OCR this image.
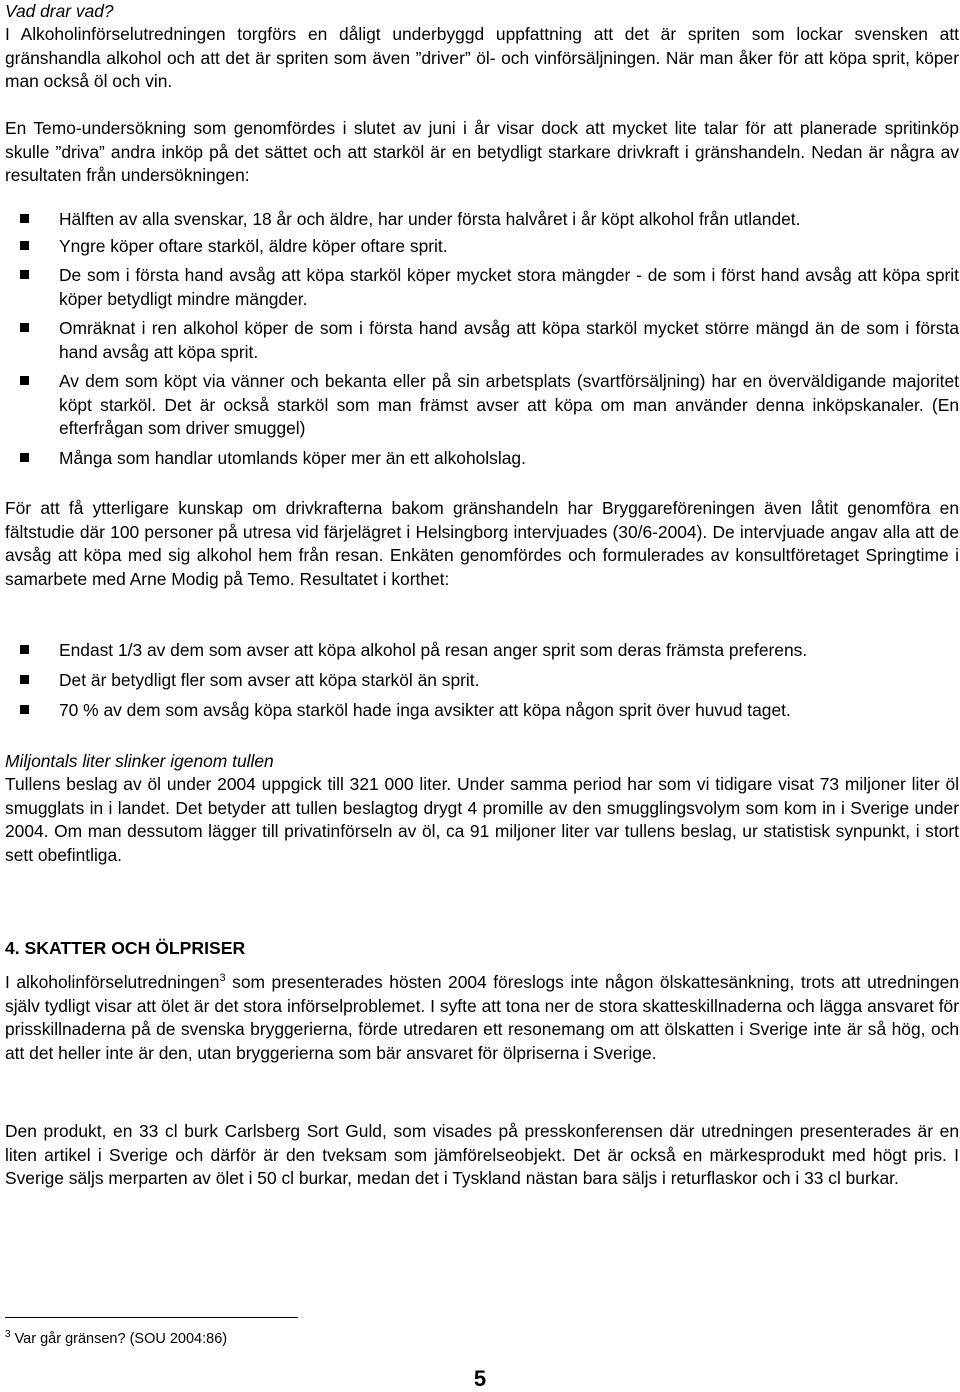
Vad drar vad?
I Alkoholinförselutredningen torgförs en dåligt underbyggd uppfattning att det är spriten som lockar svensken att gränshandla alkohol och att det är spriten som även ”driver” öl- och vinförsäljningen. När man åker för att köpa sprit, köper man också öl och vin.
En Temo-undersökning som genomfördes i slutet av juni i år visar dock att mycket lite talar för att planerade spritinköp skulle ”driva” andra inköp på det sättet och att starköl är en betydligt starkare drivkraft i gränshandeln. Nedan är några av resultaten från undersökningen:
Hälften av alla svenskar, 18 år och äldre, har under första halvåret i år köpt alkohol från utlandet.
Yngre köper oftare starköl, äldre köper oftare sprit.
De som i första hand avsåg att köpa starköl köper mycket stora mängder - de som i först hand avsåg att köpa sprit köper betydligt mindre mängder.
Omräknat i ren alkohol köper de som i första hand avsåg att köpa starköl mycket större mängd än de som i första hand avsåg att köpa sprit.
Av dem som köpt via vänner och bekanta eller på sin arbetsplats (svartförsäljning) har en överväldigande majoritet köpt starköl. Det är också starköl som man främst avser att köpa om man använder denna inköpskanaler. (En efterfrågan som driver smuggel)
Många som handlar utomlands köper mer än ett alkoholslag.
För att få ytterligare kunskap om drivkrafterna bakom gränshandeln har Bryggareföreningen även låtit genomföra en fältstudie där 100 personer på utresa vid färjelägret i Helsingborg intervjuades (30/6-2004). De intervjuade angav alla att de avsåg att köpa med sig alkohol hem från resan. Enkäten genomfördes och formulerades av konsultföretaget Springtime i samarbete med Arne Modig på Temo. Resultatet i korthet:
Endast 1/3 av dem som avser att köpa alkohol på resan anger sprit som deras främsta preferens.
Det är betydligt fler som avser att köpa starköl än sprit.
70 % av dem som avsåg köpa starköl hade inga avsikter att köpa någon sprit över huvud taget.
Miljontals liter slinker igenom tullen
Tullens beslag av öl under 2004 uppgick till 321 000 liter. Under samma period har som vi tidigare visat 73 miljoner liter öl smugglats in i landet. Det betyder att tullen beslagtog drygt 4 promille av den smugglingsvolym som kom in i Sverige under 2004. Om man dessutom lägger till privatinförseln av öl, ca 91 miljoner liter var tullens beslag, ur statistisk synpunkt, i stort sett obefintliga.
4. SKATTER OCH ÖLPRISER
I alkoholinförselutredningen$^3$ som presenterades hösten 2004 föreslogs inte någon ölskattesänkning, trots att utredningen själv tydligt visar att ölet är det stora införselproblemet. I syfte att tona ner de stora skatteskillnaderna och lägga ansvaret för prisskillnaderna på de svenska bryggerierna, förde utredaren ett resonemang om att ölskatten i Sverige inte är så hög, och att det heller inte är den, utan bryggerierna som bär ansvaret för ölpriserna i Sverige.
Den produkt, en 33 cl burk Carlsberg Sort Guld, som visades på presskonferensen där utredningen presenterades är en liten artikel i Sverige och därför är den tveksam som jämförelseobjekt. Det är också en märkesprodukt med högt pris. I Sverige säljs merparten av ölet i 50 cl burkar, medan det i Tyskland nästan bara säljs i returflaskor och i 33 cl burkar.
$^3$ Var går gränsen? (SOU 2004:86)
5
